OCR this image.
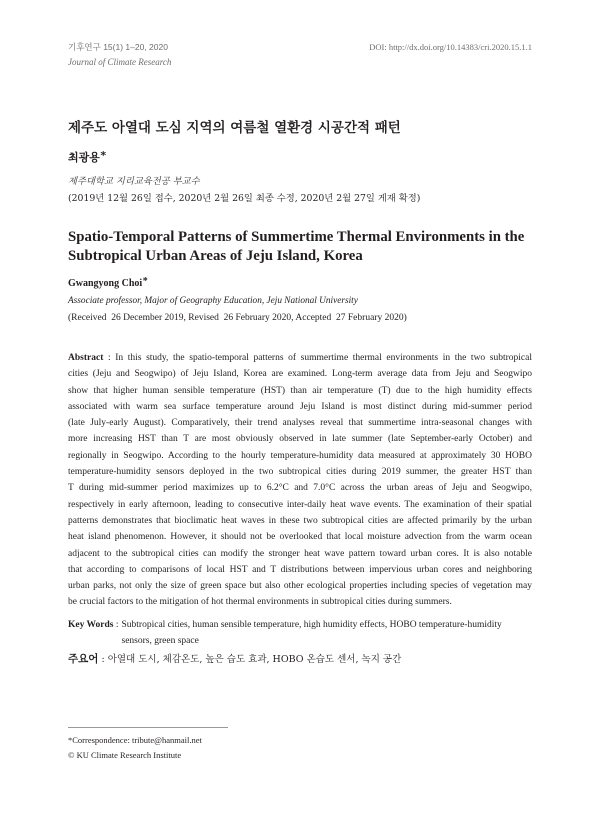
기후연구 15(1) 1–20, 2020
Journal of Climate Research
DOI: http://dx.doi.org/10.14383/cri.2020.15.1.1
제주도 아열대 도심 지역의 여름철 열환경 시공간적 패턴
최광용*
제주대학교 지리교육전공 부교수
(2019년 12월 26일 접수, 2020년 2월 26일 최종 수정, 2020년 2월 27일 게재 확정)
Spatio-Temporal Patterns of Summertime Thermal Environments in the
Subtropical Urban Areas of Jeju Island, Korea
Gwangyong Choi*
Associate professor, Major of Geography Education, Jeju National University
(Received  26 December 2019, Revised  26 February 2020, Accepted  27 February 2020)
Abstract : In this study, the spatio-temporal patterns of summertime thermal environments in the two subtropical
cities (Jeju and Seogwipo) of Jeju Island, Korea are examined. Long-term average data from Jeju and Seogwipo
show that higher human sensible temperature (HST) than air temperature (T) due to the high humidity effects
associated with warm sea surface temperature around Jeju Island is most distinct during mid-summer period
(late July-early August). Comparatively, their trend analyses reveal that summertime intra-seasonal changes with
more increasing HST than T are most obviously observed in late summer (late September-early October) and
regionally in Seogwipo. According to the hourly temperature-humidity data measured at approximately 30 HOBO
temperature-humidity sensors deployed in the two subtropical cities during 2019 summer, the greater HST than
T during mid-summer period maximizes up to 6.2°C and 7.0°C across the urban areas of Jeju and Seogwipo,
respectively in early afternoon, leading to consecutive inter-daily heat wave events. The examination of their spatial
patterns demonstrates that bioclimatic heat waves in these two subtropical cities are affected primarily by the urban
heat island phenomenon. However, it should not be overlooked that local moisture advection from the warm ocean
adjacent to the subtropical cities can modify the stronger heat wave pattern toward urban cores. It is also notable
that according to comparisons of local HST and T distributions between impervious urban cores and neighboring
urban parks, not only the size of green space but also other ecological properties including species of vegetation may
be crucial factors to the mitigation of hot thermal environments in subtropical cities during summers.
Key Words : Subtropical cities, human sensible temperature, high humidity effects, HOBO temperature-humidity
sensors, green space
주요어 : 아열대 도시, 체감온도, 높은 습도 효과, HOBO 온습도 센서, 녹지 공간
*Correspondence: tribute@hanmail.net
© KU Climate Research Institute
